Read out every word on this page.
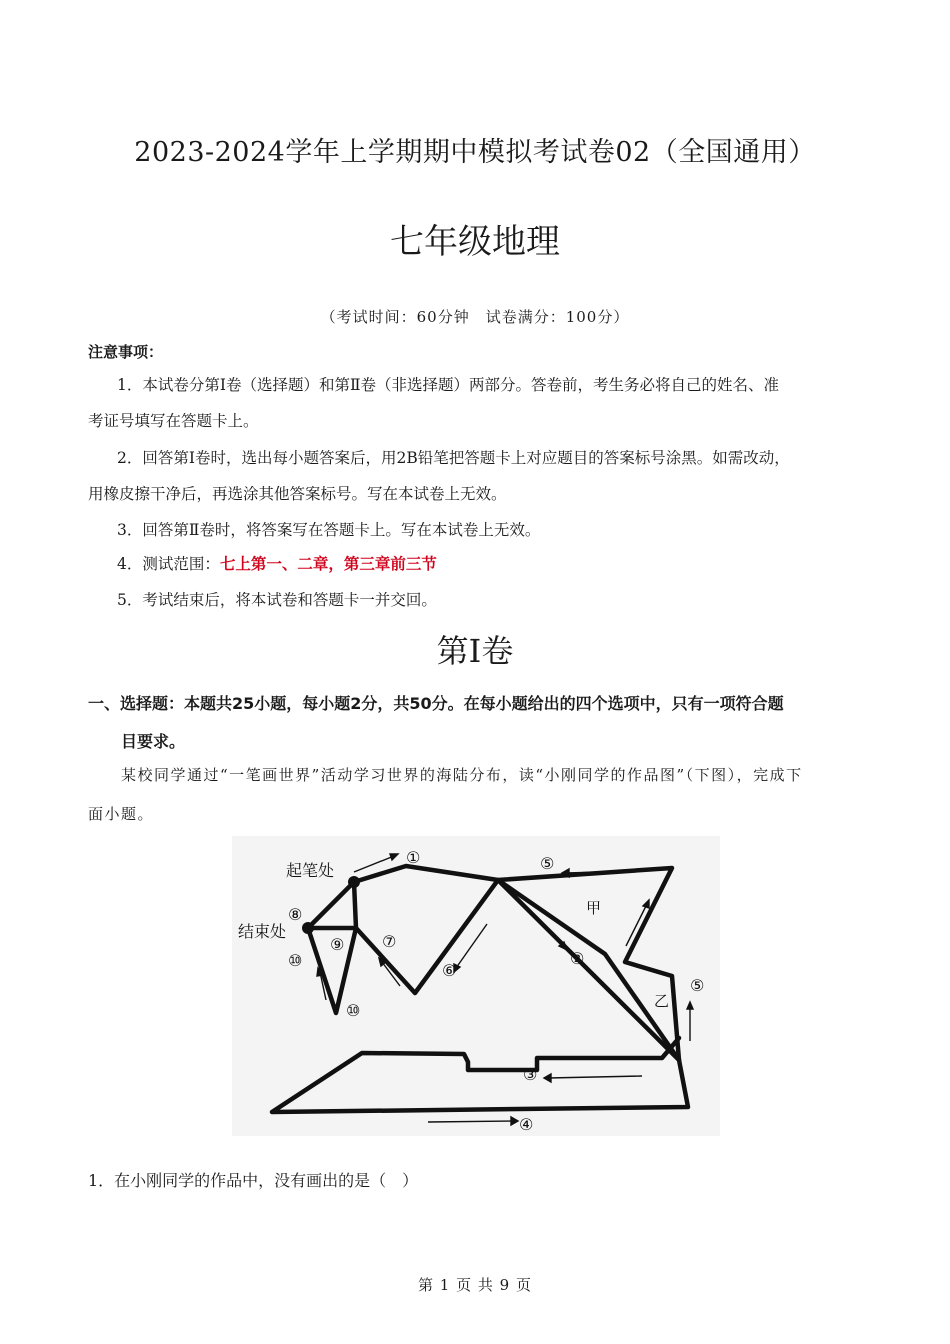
2023-2024学年上学期期中模拟考试卷02（全国通用）
七年级地理
（考试时间：60分钟　试卷满分：100分）
注意事项：
1．本试卷分第Ⅰ卷（选择题）和第Ⅱ卷（非选择题）两部分。答卷前，考生务必将自己的姓名、准
考证号填写在答题卡上。
2．回答第Ⅰ卷时，选出每小题答案后，用2B铅笔把答题卡上对应题目的答案标号涂黑。如需改动，
用橡皮擦干净后，再选涂其他答案标号。写在本试卷上无效。
3．回答第Ⅱ卷时，将答案写在答题卡上。写在本试卷上无效。
4．测试范围：七上第一、二章，第三章前三节
5．考试结束后，将本试卷和答题卡一并交回。
第Ⅰ卷
一、选择题：本题共25小题，每小题2分，共50分。在每小题给出的四个选项中，只有一项符合题
目要求。
某校同学通过“一笔画世界”活动学习世界的海陆分布，读“小刚同学的作品图”（下图），完成下
面小题。
起笔处
结束处
甲
乙
①
②
③
④
⑤
⑤
⑥
⑦
⑧
⑨
⑩
⑩
1．在小刚同学的作品中，没有画出的是（　）
第 1 页 共 9 页
